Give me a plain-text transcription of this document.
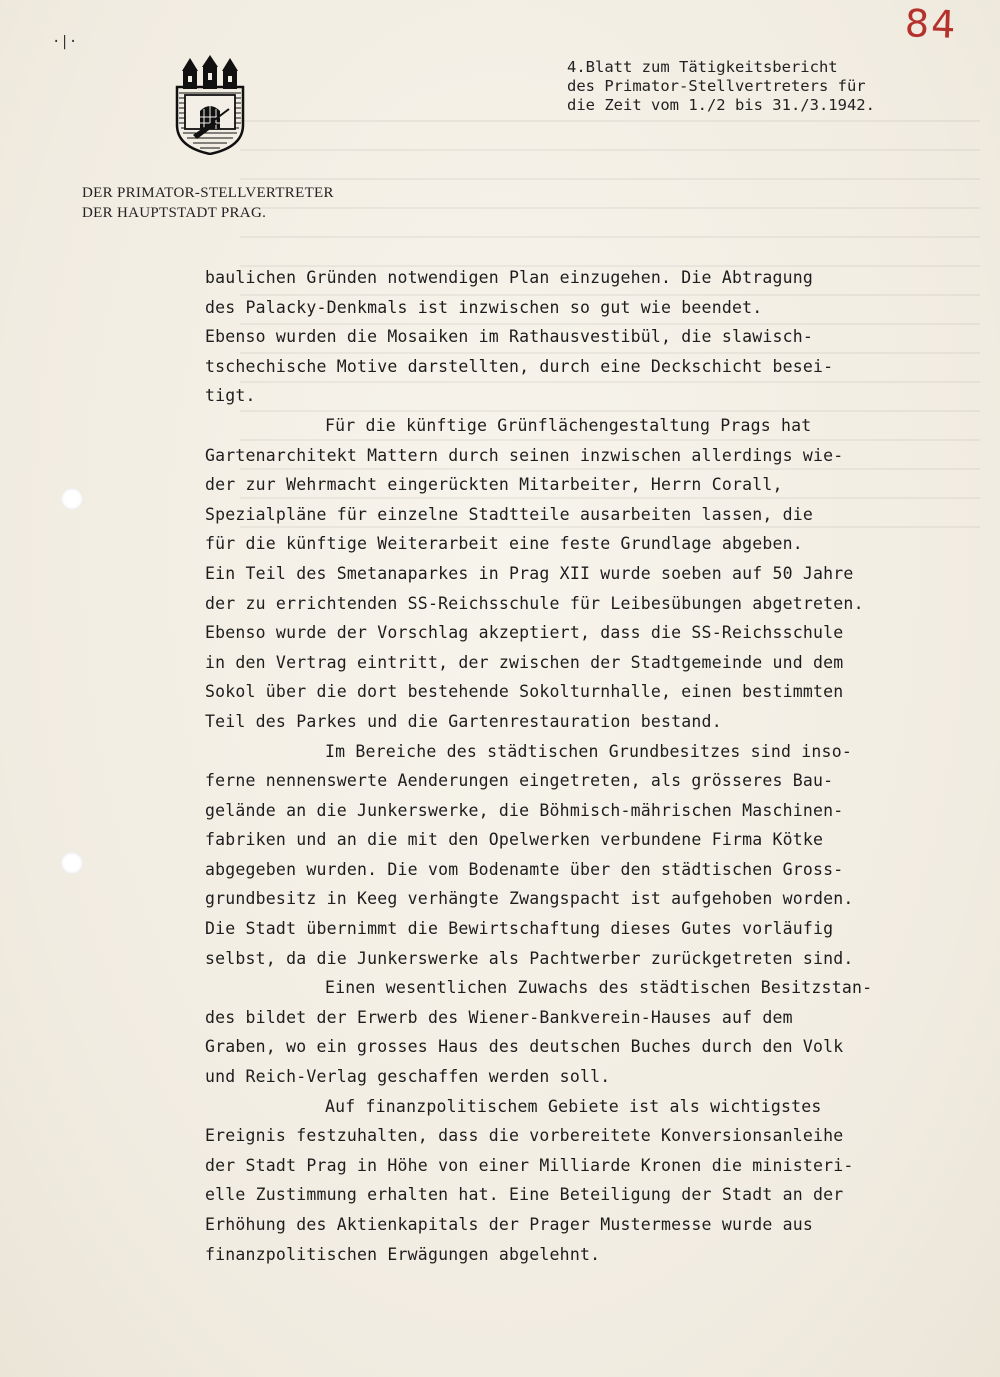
·|·	84
DER PRIMATOR-STELLVERTRETER
DER HAUPTSTADT PRAG.
4.Blatt zum Tätigkeitsbericht
des Primator-Stellvertreters für
die Zeit vom 1./2 bis 31./3.1942.
baulichen Gründen notwendigen Plan einzugehen. Die Abtragung
des Palacky-Denkmals ist inzwischen so gut wie beendet.
Ebenso wurden die Mosaiken im Rathausvestibül, die slawisch-
tschechische Motive darstellten, durch eine Deckschicht besei-
tigt.
Für die künftige Grünflächengestaltung Prags hat
Gartenarchitekt Mattern durch seinen inzwischen allerdings wie-
der zur Wehrmacht eingerückten Mitarbeiter, Herrn Corall,
Spezialpläne für einzelne Stadtteile ausarbeiten lassen, die
für die künftige Weiterarbeit eine feste Grundlage abgeben.
Ein Teil des Smetanaparkes in Prag XII wurde soeben auf 50 Jahre
der zu errichtenden SS-Reichsschule für Leibesübungen abgetreten.
Ebenso wurde der Vorschlag akzeptiert, dass die SS-Reichsschule
in den Vertrag eintritt, der zwischen der Stadtgemeinde und dem
Sokol über die dort bestehende Sokolturnhalle, einen bestimmten
Teil des Parkes und die Gartenrestauration bestand.
Im Bereiche des städtischen Grundbesitzes sind inso-
ferne nennenswerte Aenderungen eingetreten, als grösseres Bau-
gelände an die Junkerswerke, die Böhmisch-mährischen Maschinen-
fabriken und an die mit den Opelwerken verbundene Firma Kötke
abgegeben wurden. Die vom Bodenamte über den städtischen Gross-
grundbesitz in Keeg verhängte Zwangspacht ist aufgehoben worden.
Die Stadt übernimmt die Bewirtschaftung dieses Gutes vorläufig
selbst, da die Junkerswerke als Pachtwerber zurückgetreten sind.
Einen wesentlichen Zuwachs des städtischen Besitzstan-
des bildet der Erwerb des Wiener-Bankverein-Hauses auf dem
Graben, wo ein grosses Haus des deutschen Buches durch den Volk
und Reich-Verlag geschaffen werden soll.
Auf finanzpolitischem Gebiete ist als wichtigstes
Ereignis festzuhalten, dass die vorbereitete Konversionsanleihe
der Stadt Prag in Höhe von einer Milliarde Kronen die ministeri-
elle Zustimmung erhalten hat. Eine Beteiligung der Stadt an der
Erhöhung des Aktienkapitals der Prager Mustermesse wurde aus
finanzpolitischen Erwägungen abgelehnt.
